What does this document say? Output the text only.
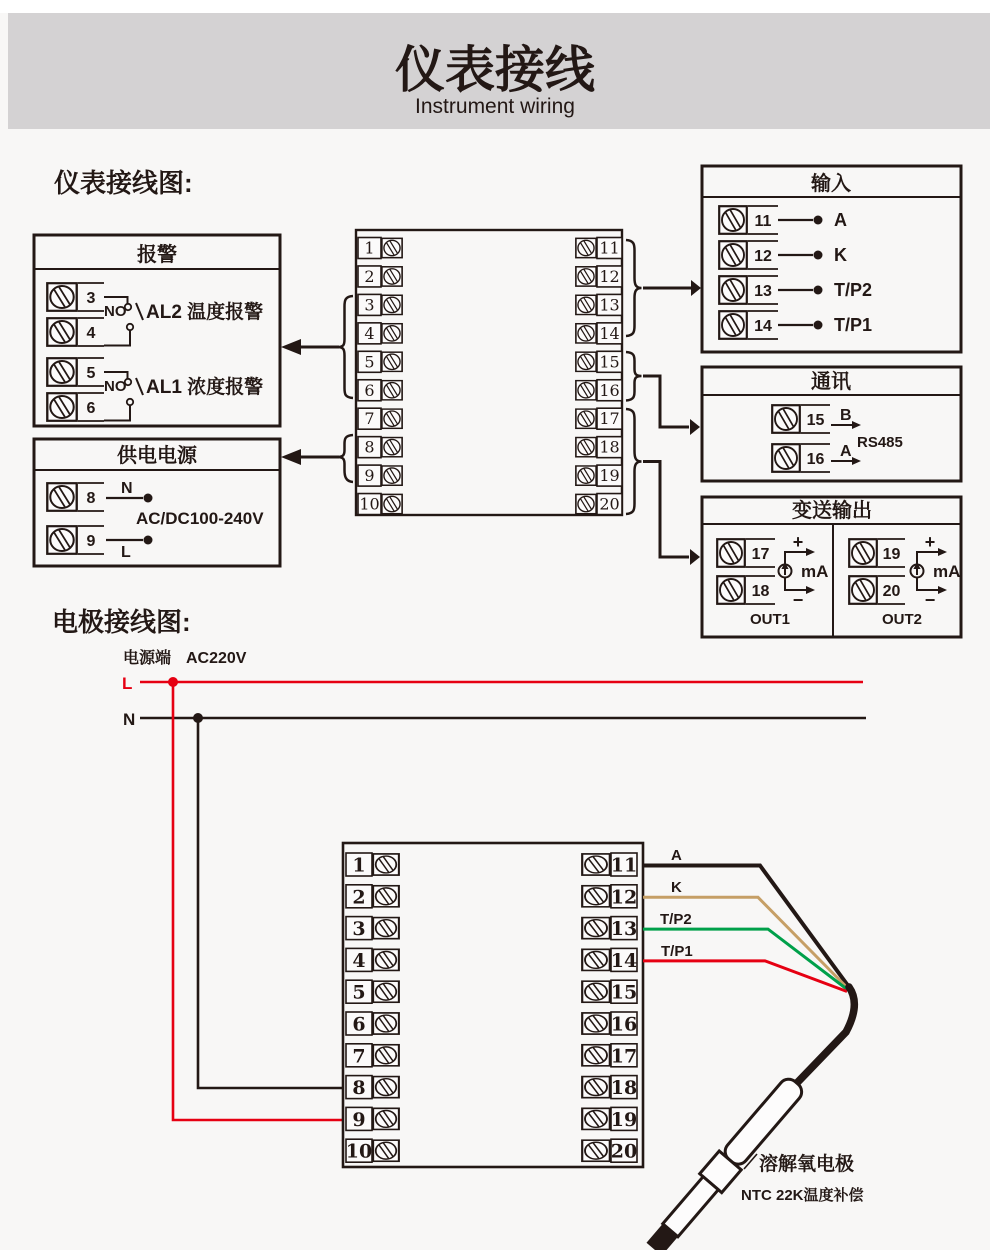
仪表接线
Instrument wiring
仪表接线图:
电极接线图:
报警
NO AL2 温度报警
NO AL1 浓度报警
供电电源
N
AC/DC100-240V
L
1	11
2	12
3	13
4	14
5	15
6	16
7	17
8	18
9	19
10	20
输入
A
K
T/P2
T/P1
通讯
B
RS485
A
变送输出
+
−
mA
OUT1
+
−
mA
OUT2
3
4
5
6
8
9
11
12
13
14
15
16
17
18
19
20
电源端 AC220V
L
N
1	11
2	12
3	13
4	14
5	15
6	16
7	17
8	18
9	19
10	20
A
K
T/P2
T/P1
溶解氧电极
NTC 22K温度补偿
